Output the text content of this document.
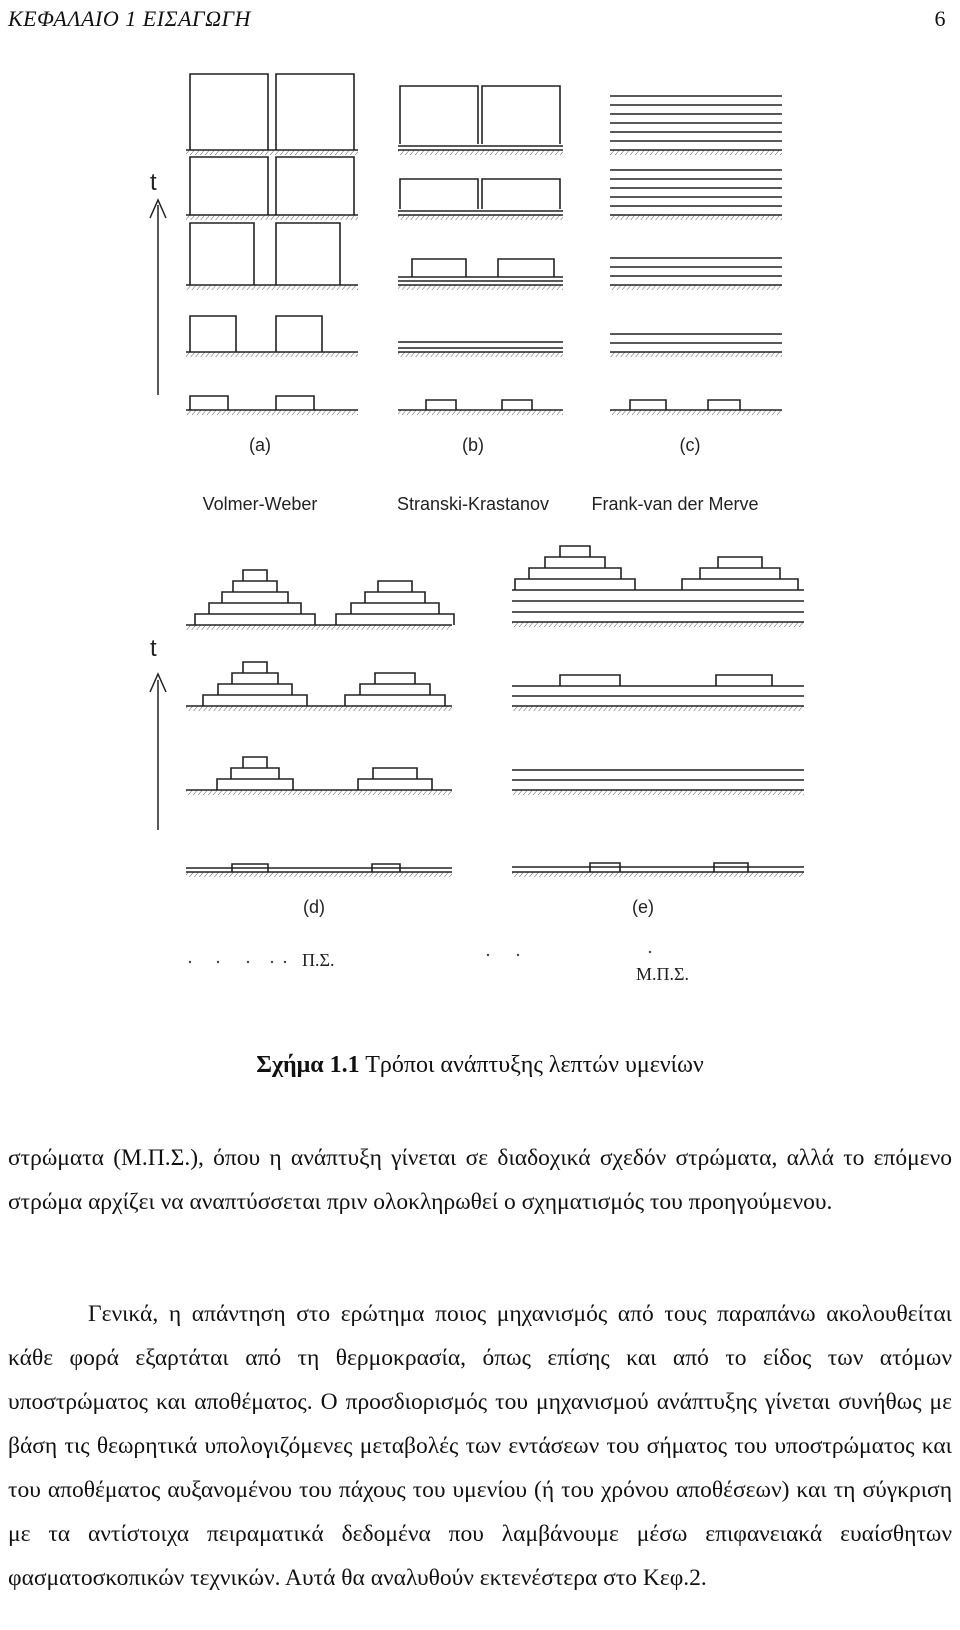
ΚΕΦΑΛΑΙΟ 1 ΕΙΣΑΓΩΓΗ	6
t
t
(a)	(b)	(c)
Volmer-Weber	Stranski-Krastanov Frank-van der Merve
(d)	(e)
Π.Σ.
Μ.Π.Σ.
Σχήμα 1.1 Τρόποι ανάπτυξης λεπτών υμενίων

στρώματα (Μ.Π.Σ.), όπου η ανάπτυξη γίνεται σε διαδοχικά σχεδόν στρώματα, αλλά το επόμενο στρώμα αρχίζει να αναπτύσσεται πριν ολοκληρωθεί ο σχηματισμός του προηγούμενου.

Γενικά, η απάντηση στο ερώτημα ποιος μηχανισμός από τους παραπάνω ακολουθείται κάθε φορά εξαρτάται από τη θερμοκρασία, όπως επίσης και από το είδος των ατόμων υποστρώματος και αποθέματος. Ο προσδιορισμός του μηχανισμού ανάπτυξης γίνεται συνήθως με βάση τις θεωρητικά υπολογιζόμενες μεταβολές των εντάσεων του σήματος του υποστρώματος και του αποθέματος αυξανομένου του πάχους του υμενίου (ή του χρόνου αποθέσεων) και τη σύγκριση με τα αντίστοιχα πειραματικά δεδομένα που λαμβάνουμε μέσω επιφανειακά ευαίσθητων φασματοσκοπικών τεχνικών. Αυτά θα αναλυθούν εκτενέστερα στο Κεφ.2.
